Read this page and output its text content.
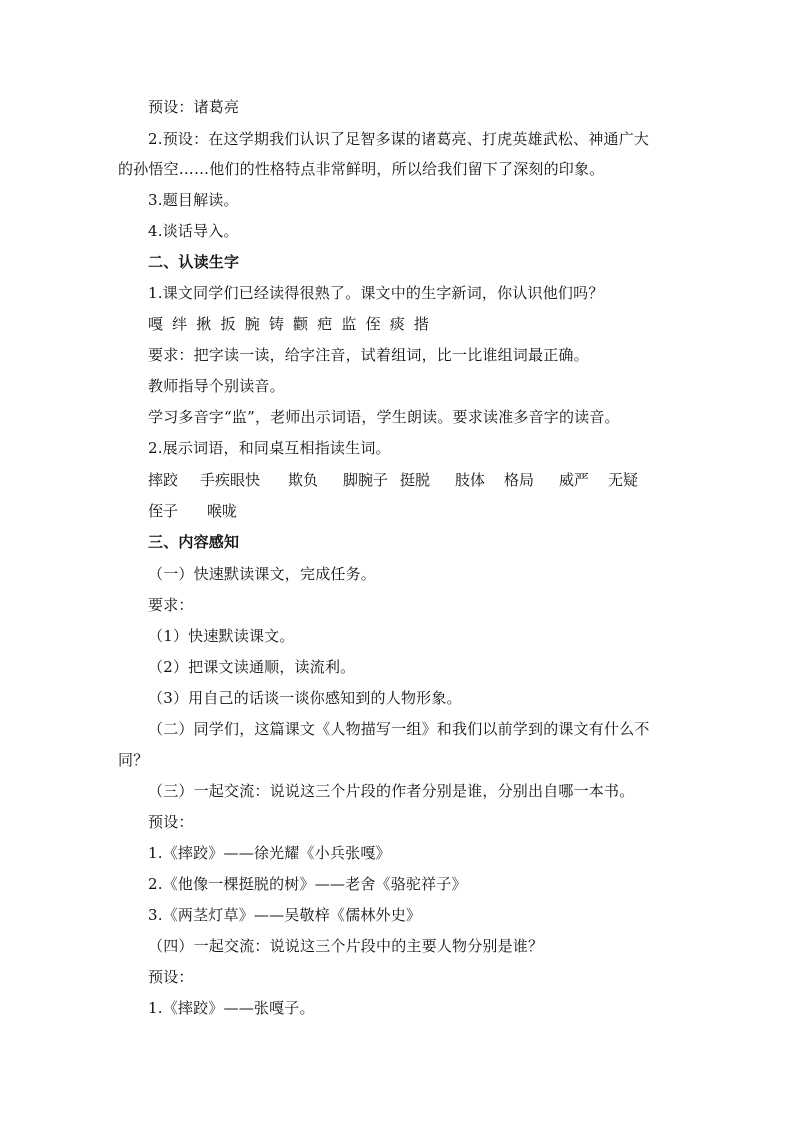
预设：诸葛亮
2.预设：在这学期我们认识了足智多谋的诸葛亮、打虎英雄武松、神通广大
的孙悟空……他们的性格特点非常鲜明，所以给我们留下了深刻的印象。
3.题目解读。
4.谈话导入。
二、认读生字
1.课文同学们已经读得很熟了。课文中的生字新词，你认识他们吗？
嘎 绊 揪 扳 腕 铸 颧 疤 监 侄 痰 揩
要求：把字读一读，给字注音，试着组词，比一比谁组词最正确。
教师指导个别读音。
学习多音字“监”，老师出示词语，学生朗读。要求读准多音字的读音。
2.展示词语，和同桌互相指读生词。
摔跤 手疾眼快 欺负 脚腕子 挺脱 肢体 格局 威严 无疑
侄子 喉咙
三、内容感知
（一）快速默读课文，完成任务。
要求：
（1）快速默读课文。
（2）把课文读通顺，读流利。
（3）用自己的话谈一谈你感知到的人物形象。
（二）同学们，这篇课文《人物描写一组》和我们以前学到的课文有什么不
同？
（三）一起交流：说说这三个片段的作者分别是谁，分别出自哪一本书。
预设：
1.《摔跤》——徐光耀《小兵张嘎》
2.《他像一棵挺脱的树》——老舍《骆驼祥子》
3.《两茎灯草》——吴敬梓《儒林外史》
（四）一起交流：说说这三个片段中的主要人物分别是谁？
预设：
1.《摔跤》——张嘎子。
